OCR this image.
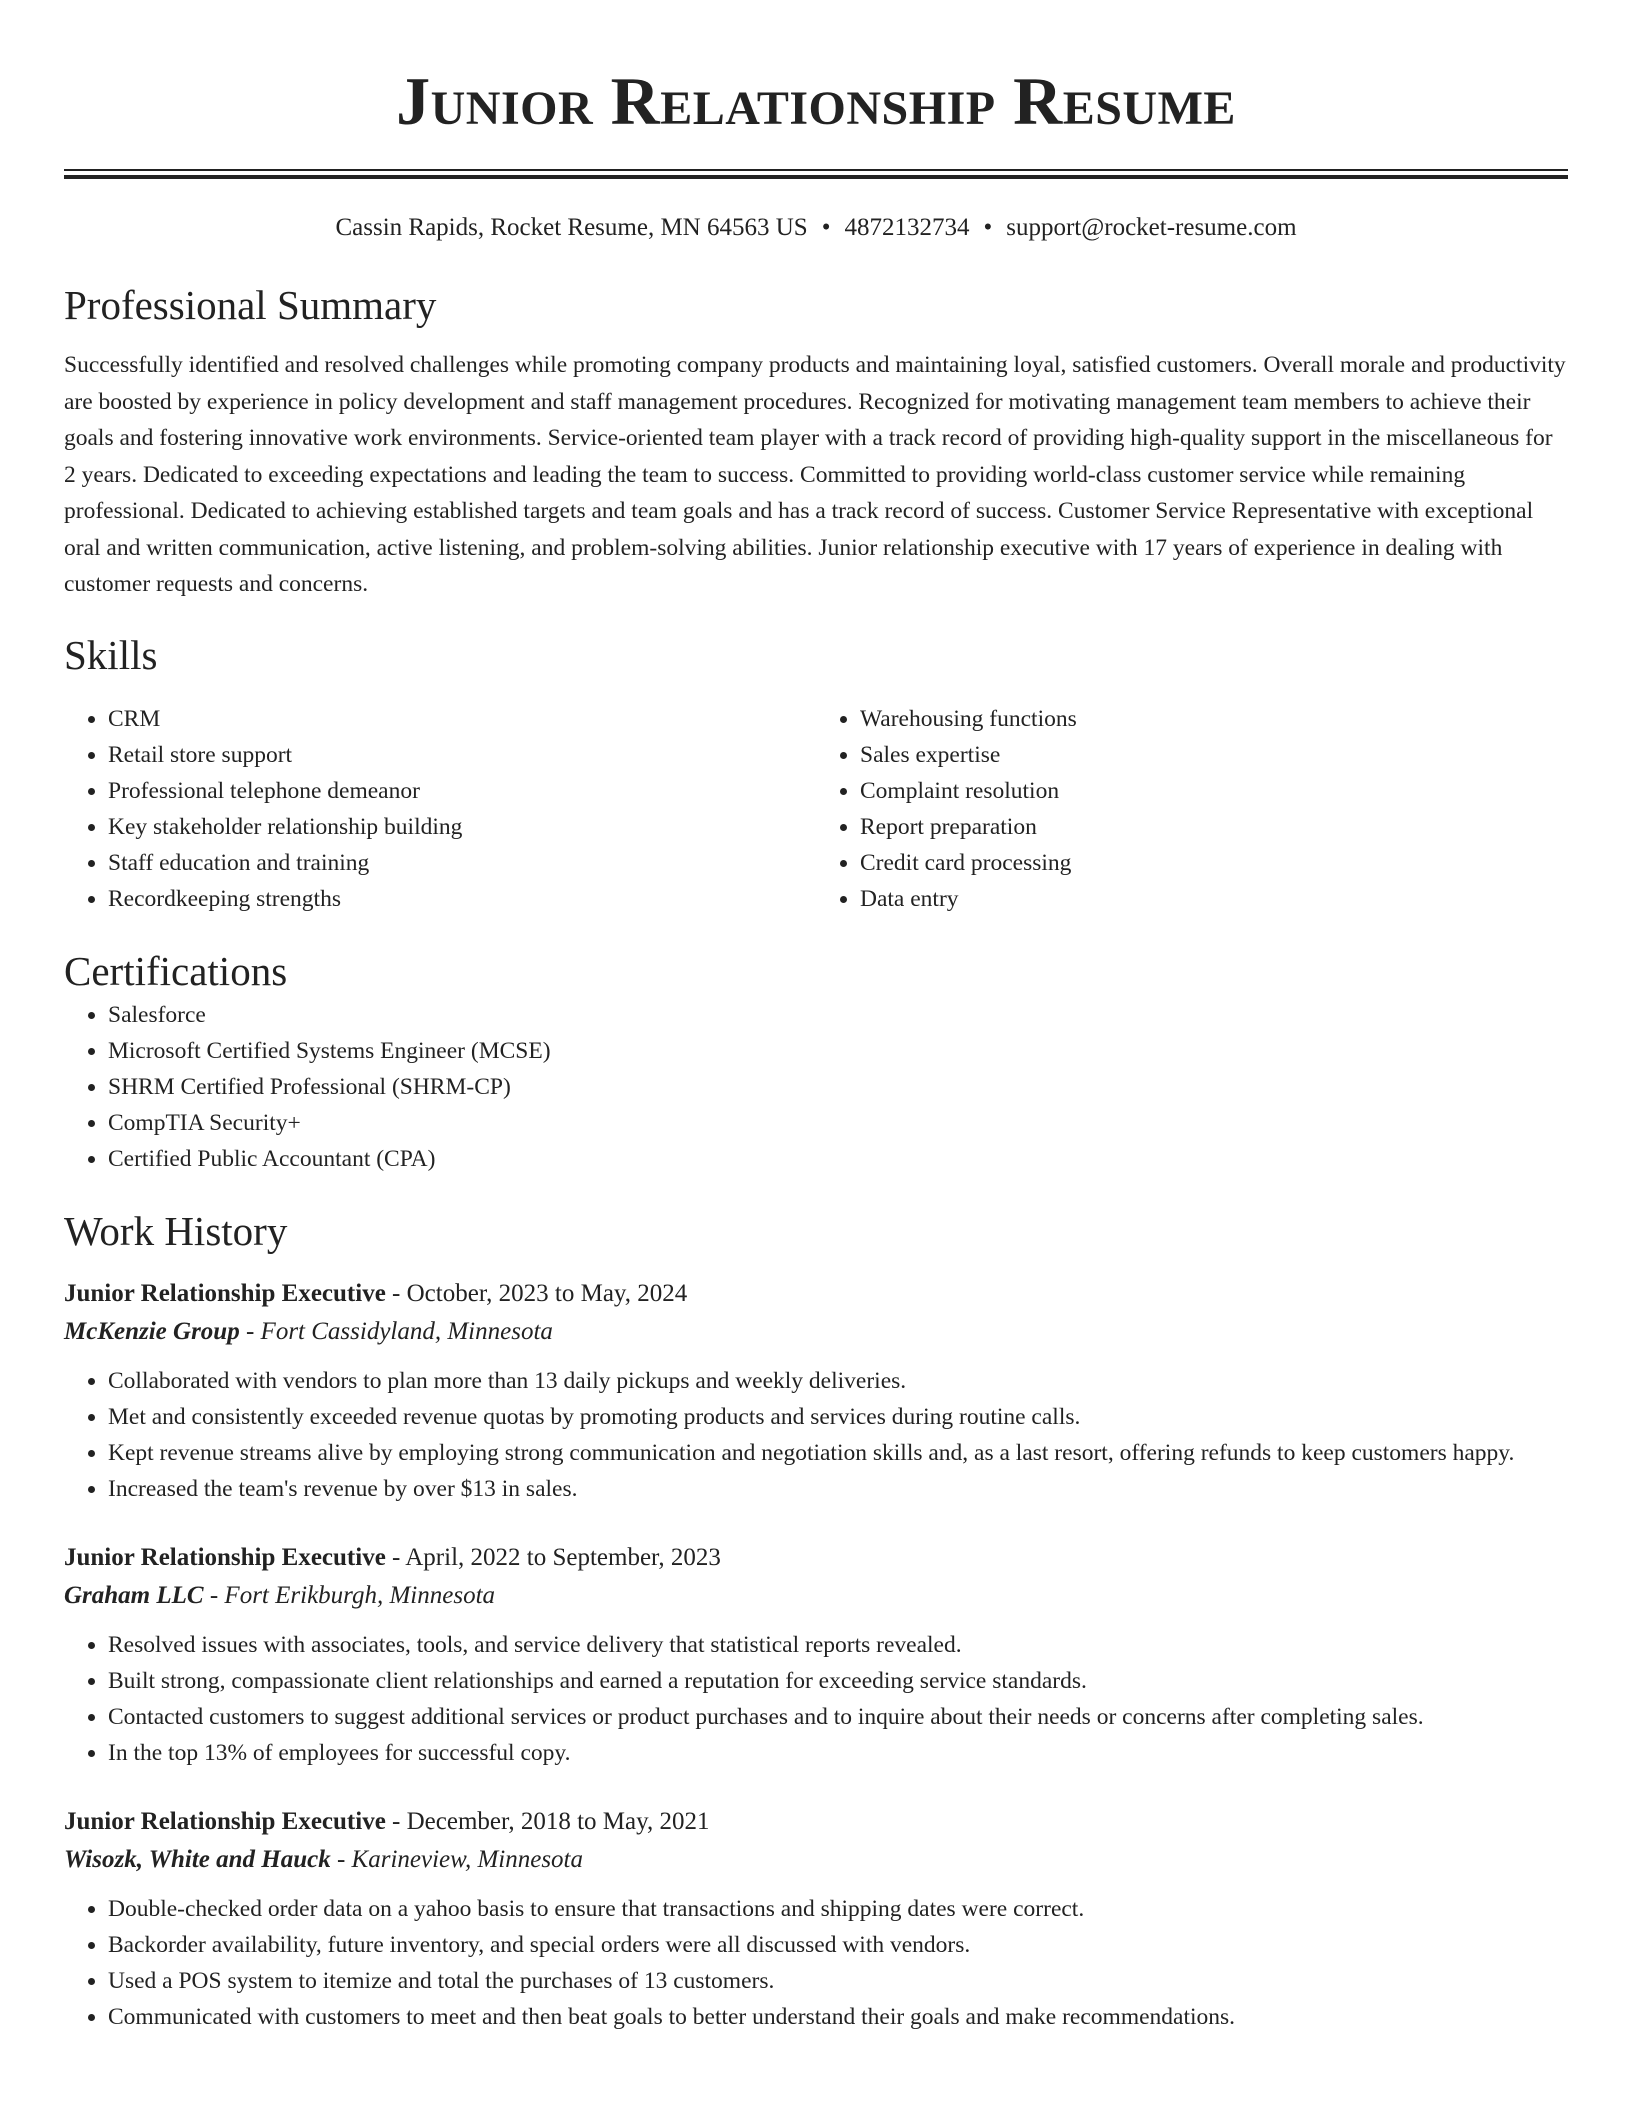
Junior Relationship Resume
Cassin Rapids, Rocket Resume, MN 64563 US • 4872132734 • support@rocket-resume.com
Professional Summary

Successfully identified and resolved challenges while promoting company products and maintaining loyal, satisfied customers. Overall morale and productivity are boosted by experience in policy development and staff management procedures. Recognized for motivating management team members to achieve their goals and fostering innovative work environments. Service-oriented team player with a track record of providing high-quality support in the miscellaneous for 2 years. Dedicated to exceeding expectations and leading the team to success. Committed to providing world-class customer service while remaining professional. Dedicated to achieving established targets and team goals and has a track record of success. Customer Service Representative with exceptional oral and written communication, active listening, and problem-solving abilities. Junior relationship executive with 17 years of experience in dealing with customer requests and concerns.

Skills
• CRM
• Retail store support
• Professional telephone demeanor
• Key stakeholder relationship building
• Staff education and training
• Recordkeeping strengths
• Warehousing functions
• Sales expertise
• Complaint resolution
• Report preparation
• Credit card processing
• Data entry
Certifications
• Salesforce
• Microsoft Certified Systems Engineer (MCSE)
• SHRM Certified Professional (SHRM-CP)
• CompTIA Security+
• Certified Public Accountant (CPA)
Work History
Junior Relationship Executive - October, 2023 to May, 2024
McKenzie Group - Fort Cassidyland, Minnesota
• Collaborated with vendors to plan more than 13 daily pickups and weekly deliveries.
• Met and consistently exceeded revenue quotas by promoting products and services during routine calls.
• Kept revenue streams alive by employing strong communication and negotiation skills and, as a last resort, offering refunds to keep customers happy.
• Increased the team's revenue by over $13 in sales.
Junior Relationship Executive - April, 2022 to September, 2023
Graham LLC - Fort Erikburgh, Minnesota
• Resolved issues with associates, tools, and service delivery that statistical reports revealed.
• Built strong, compassionate client relationships and earned a reputation for exceeding service standards.
• Contacted customers to suggest additional services or product purchases and to inquire about their needs or concerns after completing sales.
• In the top 13% of employees for successful copy.
Junior Relationship Executive - December, 2018 to May, 2021
Wisozk, White and Hauck - Karineview, Minnesota
• Double-checked order data on a yahoo basis to ensure that transactions and shipping dates were correct.
• Backorder availability, future inventory, and special orders were all discussed with vendors.
• Used a POS system to itemize and total the purchases of 13 customers.
• Communicated with customers to meet and then beat goals to better understand their goals and make recommendations.
